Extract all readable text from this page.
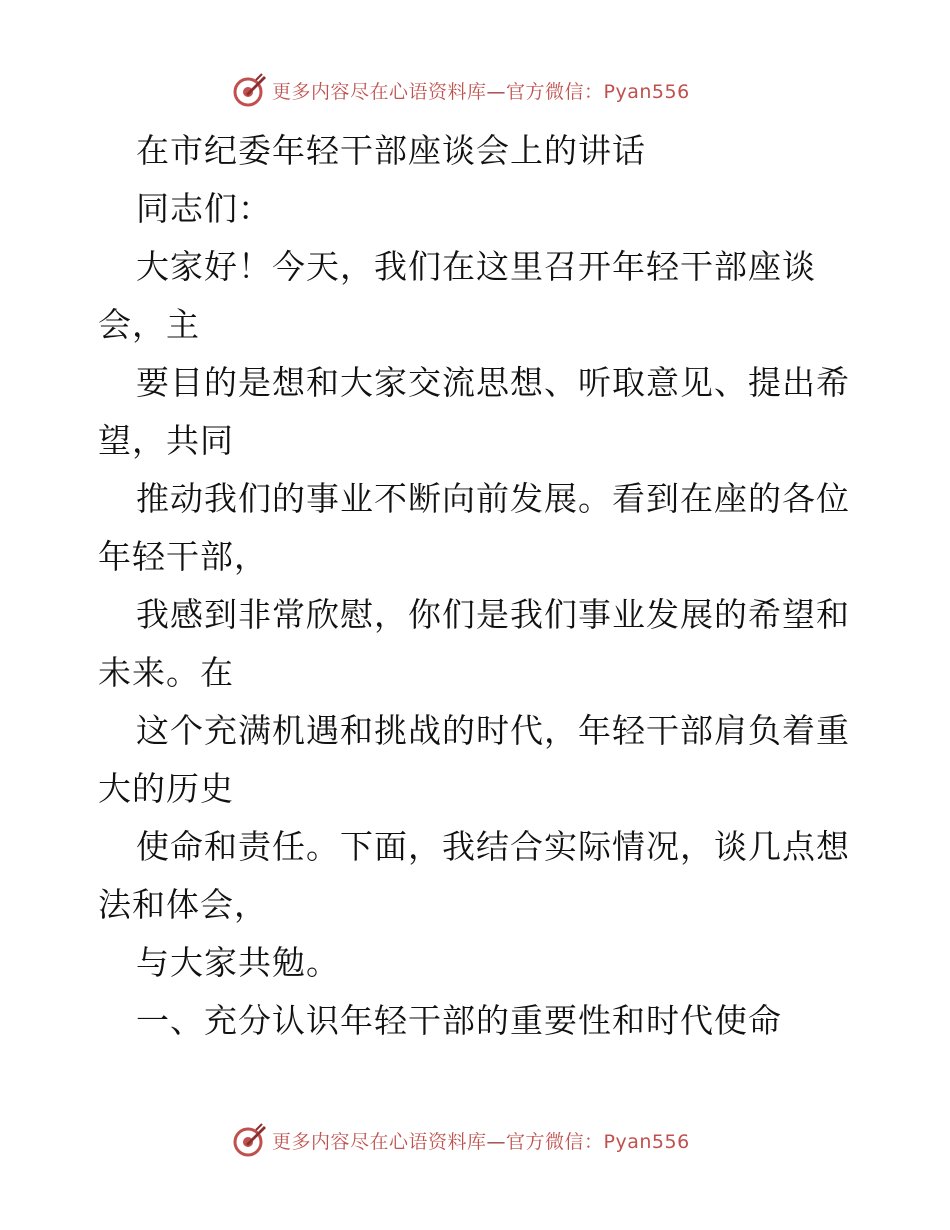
更多内容尽在心语资料库—官方微信：Pyan556
在市纪委年轻干部座谈会上的讲话
同志们：
大家好！今天，我们在这里召开年轻干部座谈
会，主
要目的是想和大家交流思想、听取意见、提出希
望，共同
推动我们的事业不断向前发展。看到在座的各位
年轻干部，
我感到非常欣慰，你们是我们事业发展的希望和
未来。在
这个充满机遇和挑战的时代，年轻干部肩负着重
大的历史
使命和责任。下面，我结合实际情况，谈几点想
法和体会，
与大家共勉。
一、充分认识年轻干部的重要性和时代使命
更多内容尽在心语资料库—官方微信：Pyan556
